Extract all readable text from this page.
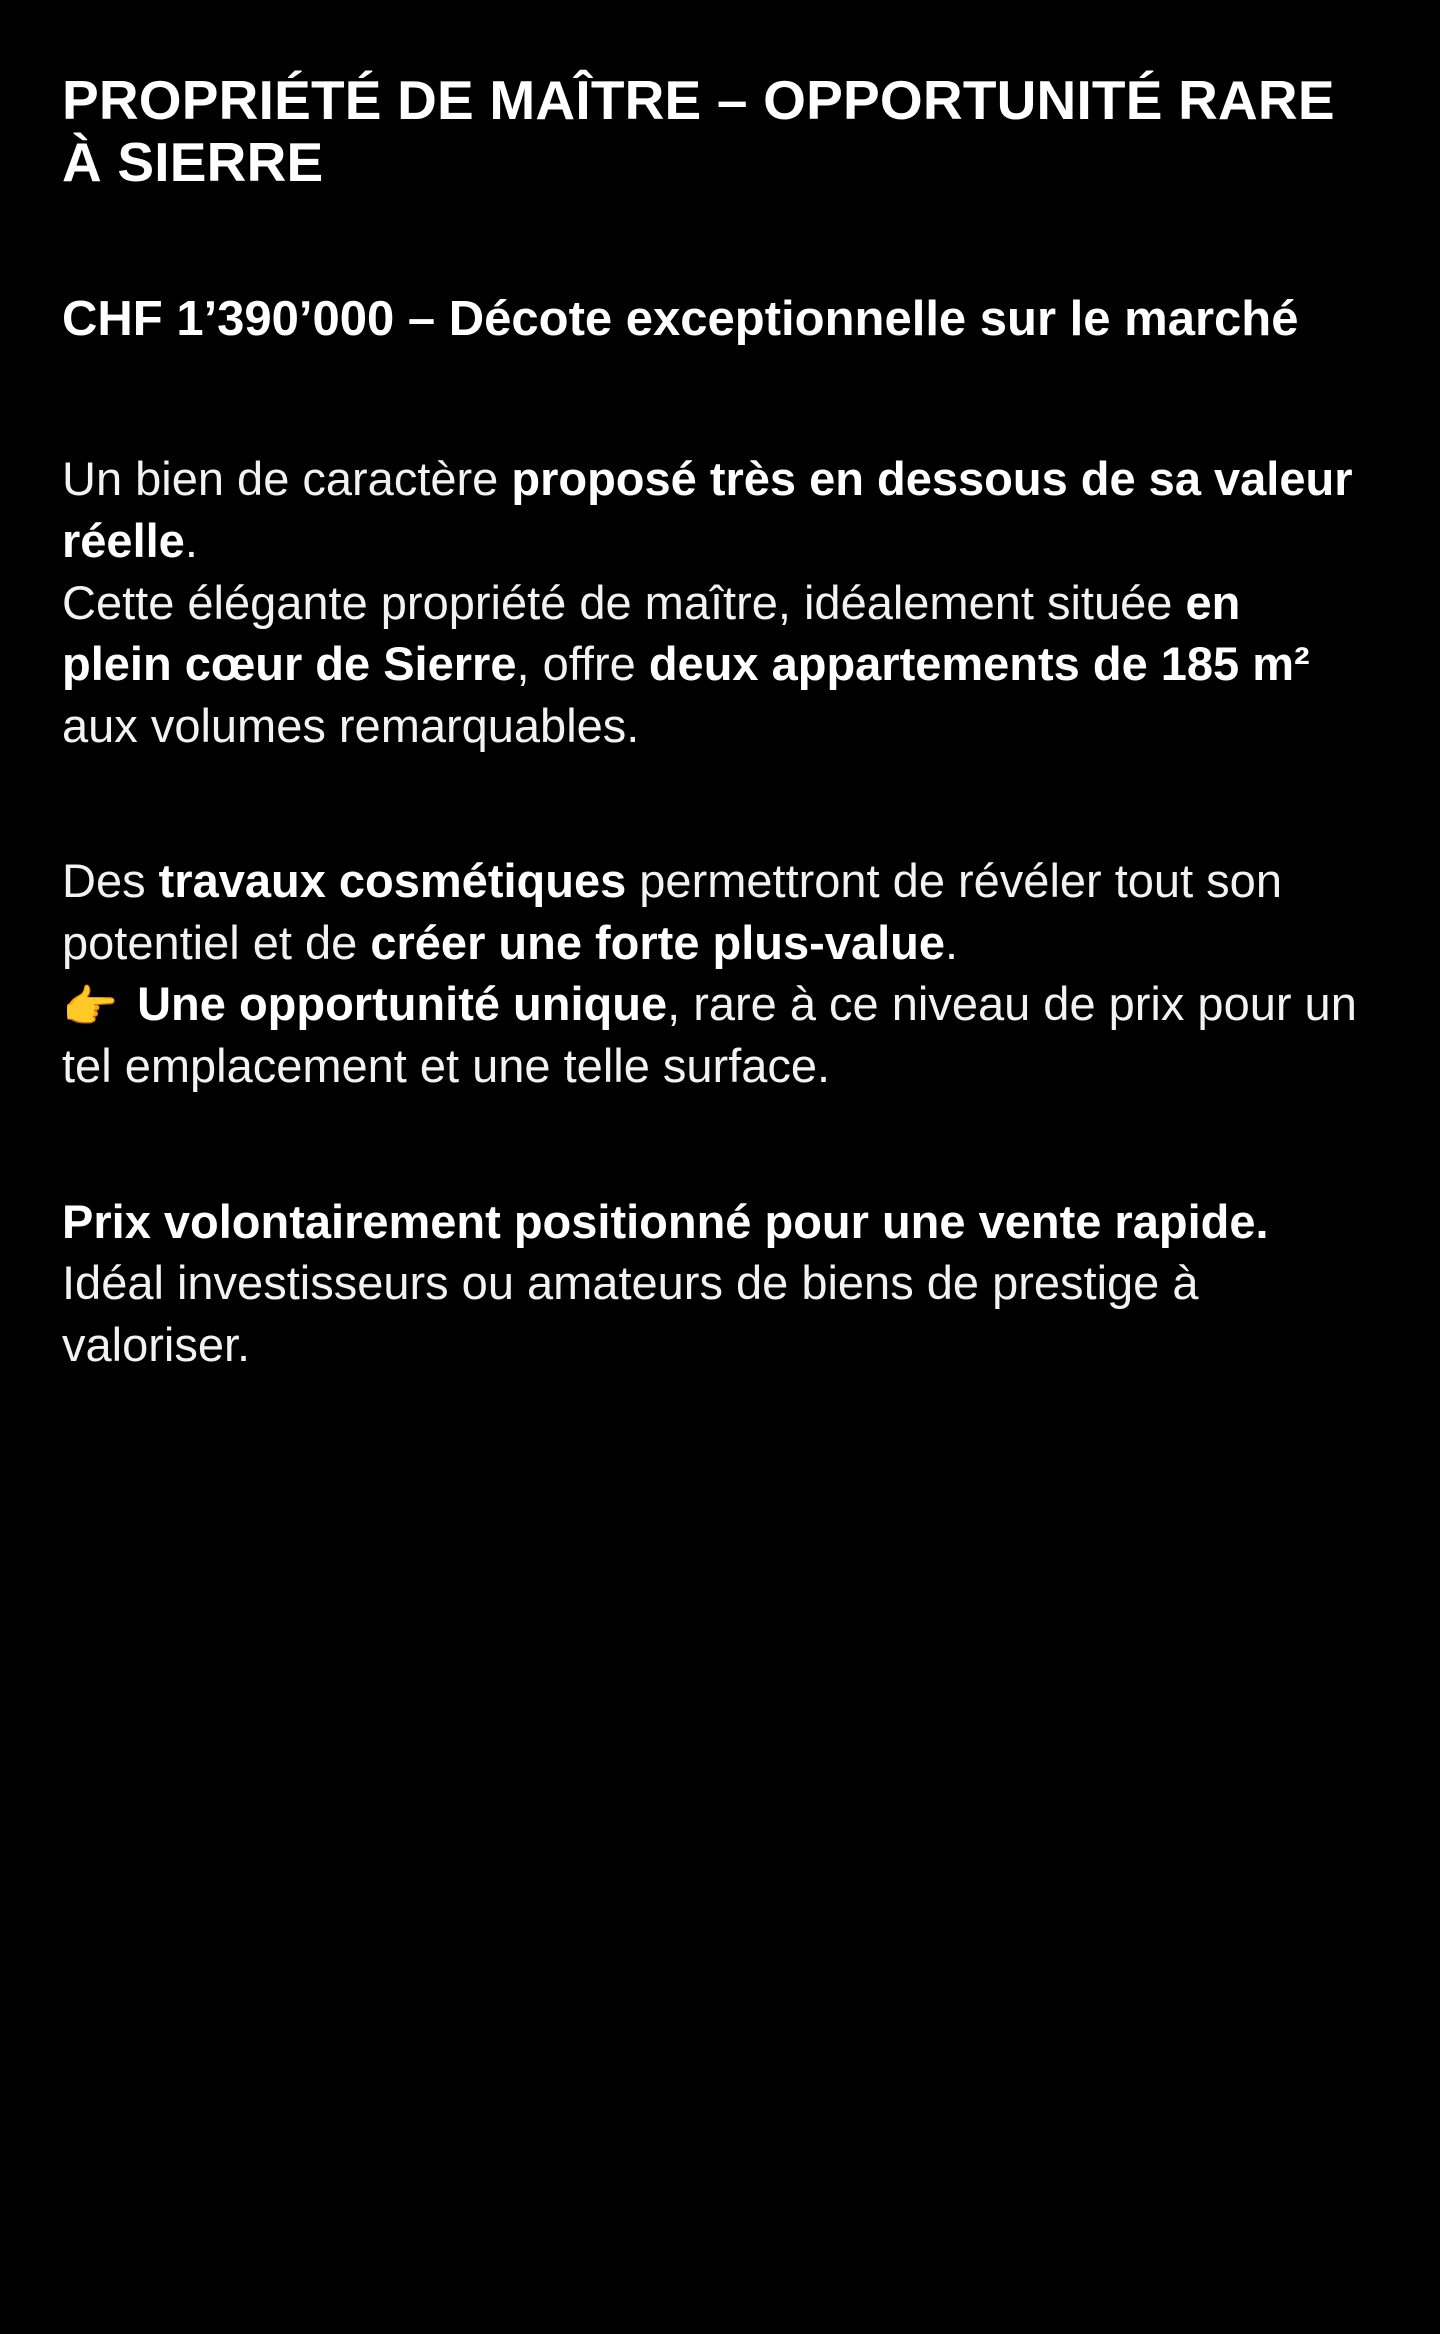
PROPRIÉTÉ DE MAÎTRE – OPPORTUNITÉ RARE À SIERRE
CHF 1’390’000 – Décote exceptionnelle sur le marché

Un bien de caractère proposé très en dessous de sa valeur réelle.
Cette élégante propriété de maître, idéalement située en plein cœur de Sierre, offre deux appartements de 185 m² aux volumes remarquables.

Des travaux cosmétiques permettront de révéler tout son potentiel et de créer une forte plus-value.
👉 Une opportunité unique, rare à ce niveau de prix pour un tel emplacement et une telle surface.

Prix volontairement positionné pour une vente rapide.
Idéal investisseurs ou amateurs de biens de prestige à valoriser.
